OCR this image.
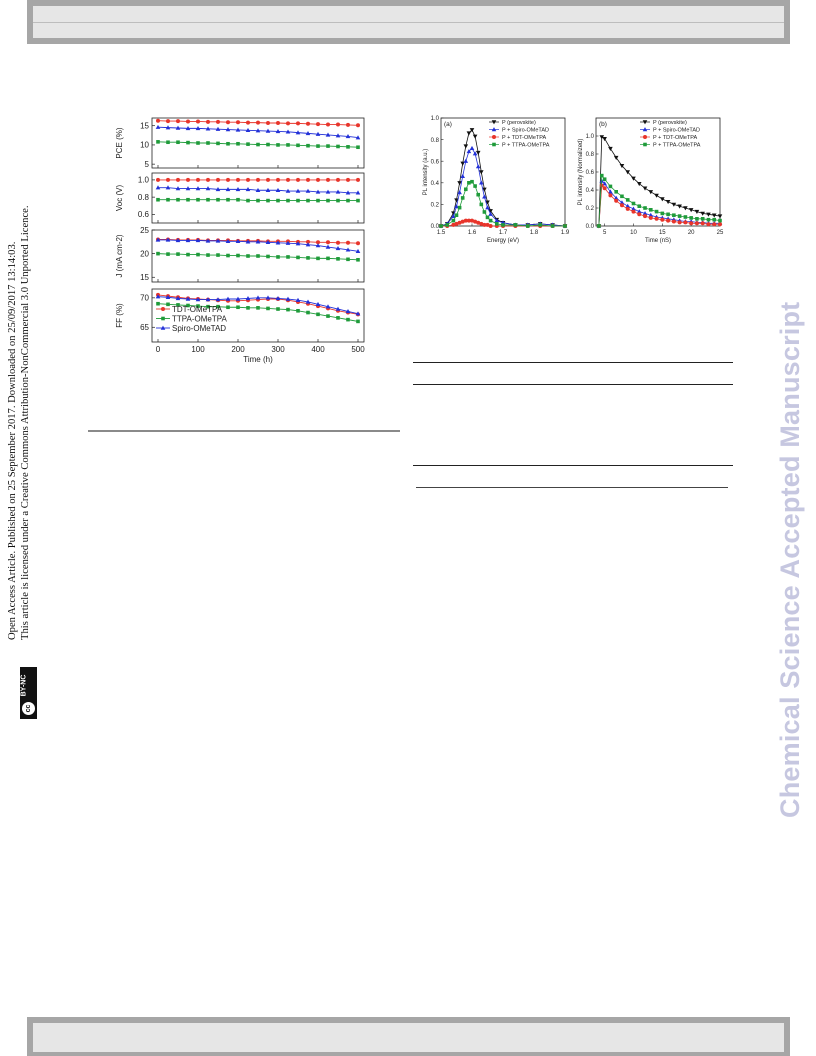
5
10
15
PCE (%)
0.6
0.8
1.0
Voc (V)
15
20
25
J (mA cm-2)
65
70
FF (%)
0	100	200	300	400	500
Time (h)
TDT-OMeTPA
TTPA-OMeTPA
Spiro-OMeTAD
0.0
0.2
0.4
0.6
0.8
1.0
1.5	1.6	1.7	1.8	1.9
Energy (eV)
PL intensity (a.u.)
(a)	P (perovskite)
P + Spiro-OMeTAD
P + TDT-OMeTPA
P + TTPA-OMeTPA
0.0
0.2
0.4
0.6
0.8
1.0
5	10	15	20	25
Time (nS)
PL intensity (Normalized)
(b)	P (perovskite)
P + Spiro-OMeTAD
P + TDT-OMeTPA
P + TTPA-OMeTPA
Chemical Science Accepted Manuscript
Open Access Article. Published on 25 September 2017. Downloaded on 25/09/2017 13:14:03. This article is licensed under a Creative Commons Attribution-NonCommercial 3.0 Unported Licence.
cc
BY-NC
